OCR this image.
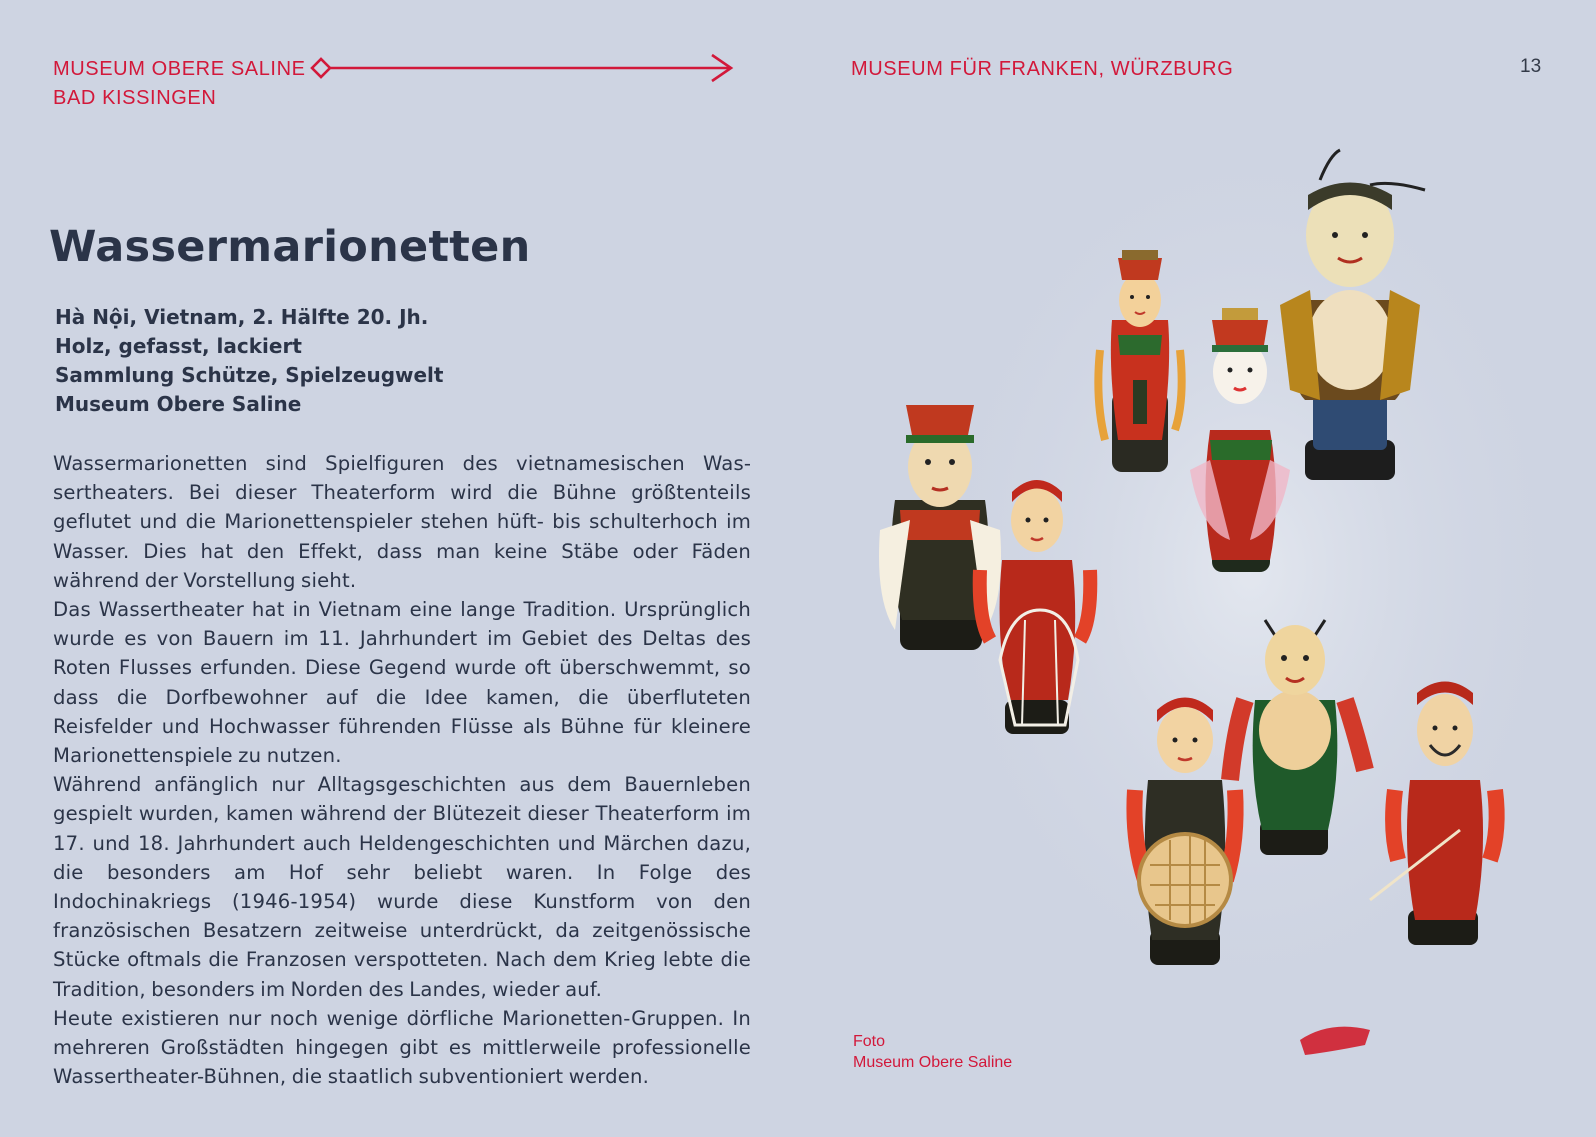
MUSEUM OBERE SALINE
BAD KISSINGEN
MUSEUM FÜR FRANKEN, WÜRZBURG	13
Wassermarionetten
Hà Nội, Vietnam, 2. Hälfte 20. Jh.
Holz, gefasst, lackiert
Sammlung Schütze, Spielzeugwelt
Museum Obere Saline

Wassermarionetten sind Spielfiguren des vietnamesischen Wassertheaters. Bei dieser Theaterform wird die Bühne größtenteils geflutet und die Marionettenspieler stehen hüft- bis schulterhoch im Wasser. Dies hat den Effekt, dass man keine Stäbe oder Fäden während der Vorstellung sieht.

Das Wassertheater hat in Vietnam eine lange Tradition. Ursprünglich wurde es von Bauern im 11. Jahrhundert im Gebiet des Deltas des Roten Flusses erfunden. Diese Gegend wurde oft überschwemmt, so dass die Dorfbewohner auf die Idee kamen, die überfluteten Reisfelder und Hochwasser führenden Flüsse als Bühne für kleinere Marionettenspiele zu nutzen.

Während anfänglich nur Alltagsgeschichten aus dem Bauernleben gespielt wurden, kamen während der Blütezeit dieser Theaterform im 17. und 18. Jahrhundert auch Heldengeschichten und Märchen dazu, die besonders am Hof sehr beliebt waren. In Folge des Indochinakriegs (1946-1954) wurde diese Kunstform von den französischen Besatzern zeitweise unterdrückt, da zeitgenössische Stücke oftmals die Franzosen verspotteten. Nach dem Krieg lebte die Tradition, besonders im Norden des Landes, wieder auf.

Heute existieren nur noch wenige dörfliche Marionetten-Gruppen. In mehreren Großstädten hingegen gibt es mittlerweile professionelle Wassertheater-Bühnen, die staatlich subventioniert werden.

Foto
Museum Obere Saline
